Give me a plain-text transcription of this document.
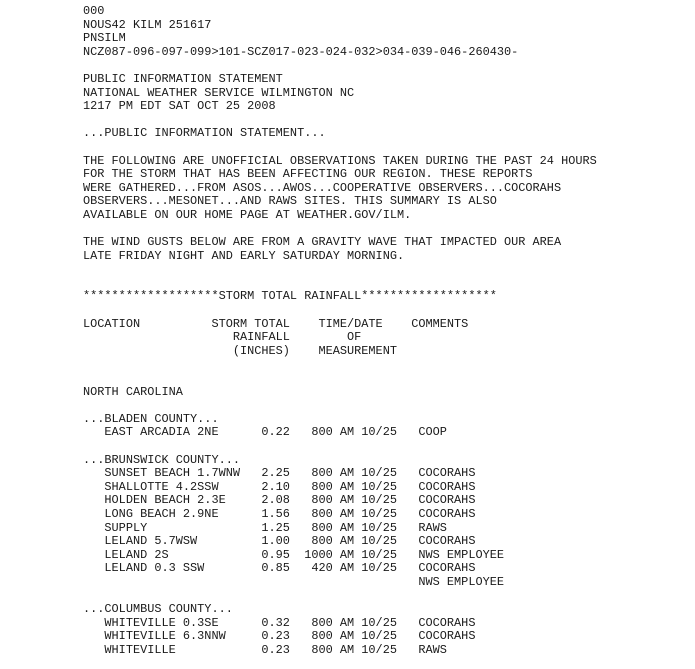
000
NOUS42 KILM 251617
PNSILM
NCZ087-096-097-099>101-SCZ017-023-024-032>034-039-046-260430-

PUBLIC INFORMATION STATEMENT
NATIONAL WEATHER SERVICE WILMINGTON NC
1217 PM EDT SAT OCT 25 2008

...PUBLIC INFORMATION STATEMENT...

THE FOLLOWING ARE UNOFFICIAL OBSERVATIONS TAKEN DURING THE PAST 24 HOURS
FOR THE STORM THAT HAS BEEN AFFECTING OUR REGION. THESE REPORTS
WERE GATHERED...FROM ASOS...AWOS...COOPERATIVE OBSERVERS...COCORAHS
OBSERVERS...MESONET...AND RAWS SITES. THIS SUMMARY IS ALSO
AVAILABLE ON OUR HOME PAGE AT WEATHER.GOV/ILM.

THE WIND GUSTS BELOW ARE FROM A GRAVITY WAVE THAT IMPACTED OUR AREA
LATE FRIDAY NIGHT AND EARLY SATURDAY MORNING.

*******************STORM TOTAL RAINFALL*******************

LOCATION          STORM TOTAL    TIME/DATE    COMMENTS
RAINFALL        OF
(INCHES)    MEASUREMENT

NORTH CAROLINA

...BLADEN COUNTY...
EAST ARCADIA 2NE      0.22   800 AM 10/25   COOP

...BRUNSWICK COUNTY...
SUNSET BEACH 1.7WNW   2.25   800 AM 10/25   COCORAHS
SHALLOTTE 4.2SSW      2.10   800 AM 10/25   COCORAHS
HOLDEN BEACH 2.3E     2.08   800 AM 10/25   COCORAHS
LONG BEACH 2.9NE      1.56   800 AM 10/25   COCORAHS
SUPPLY                1.25   800 AM 10/25   RAWS
LELAND 5.7WSW         1.00   800 AM 10/25   COCORAHS
LELAND 2S             0.95  1000 AM 10/25   NWS EMPLOYEE
LELAND 0.3 SSW        0.85   420 AM 10/25   COCORAHS
NWS EMPLOYEE

...COLUMBUS COUNTY...
WHITEVILLE 0.3SE      0.32   800 AM 10/25   COCORAHS
WHITEVILLE 6.3NNW     0.23   800 AM 10/25   COCORAHS
WHITEVILLE            0.23   800 AM 10/25   RAWS
